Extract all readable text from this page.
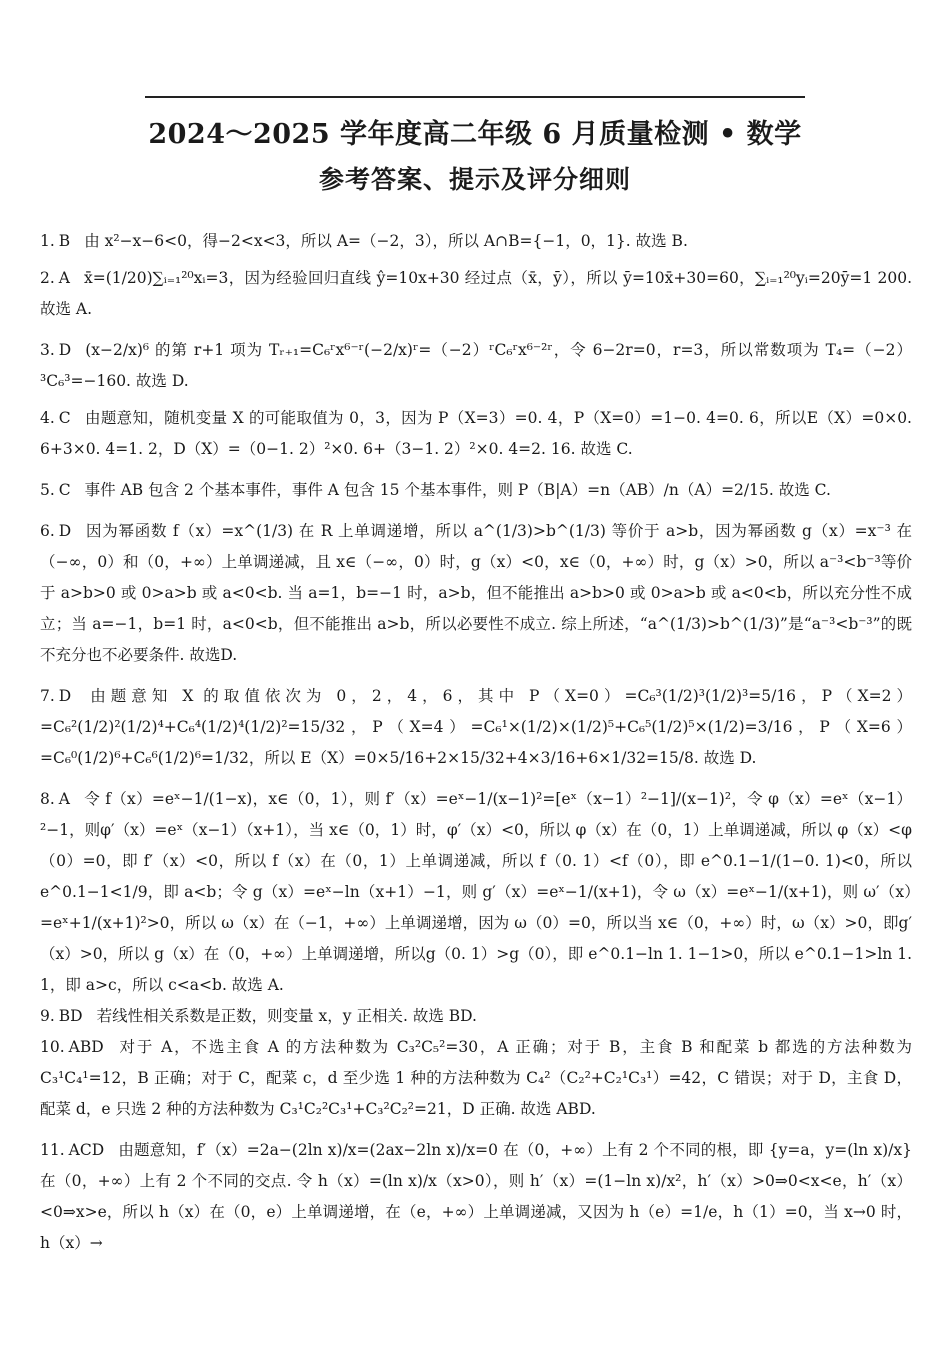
2024～2025 学年度高二年级 6 月质量检测 • 数学
参考答案、提示及评分细则

1. B 由 x²−x−6<0，得−2<x<3，所以 A=（−2，3），所以 A∩B={−1，0，1}. 故选 B.

2. A x̄=(1/20)∑ᵢ₌₁²⁰xᵢ=3，因为经验回归直线 ŷ=10x+30 经过点（x̄，ȳ），所以 ȳ=10x̄+30=60，∑ᵢ₌₁²⁰yᵢ=20ȳ=1 200. 故选 A.

3. D (x−2/x)⁶ 的第 r+1 项为 Tᵣ₊₁=C₆ʳx⁶⁻ʳ(−2/x)ʳ=（−2）ʳC₆ʳx⁶⁻²ʳ，令 6−2r=0，r=3，所以常数项为 T₄=（−2）³C₆³=−160. 故选 D.

4. C 由题意知，随机变量 X 的可能取值为 0，3，因为 P（X=3）=0. 4，P（X=0）=1−0. 4=0. 6，所以E（X）=0×0. 6+3×0. 4=1. 2，D（X）=（0−1. 2）²×0. 6+（3−1. 2）²×0. 4=2. 16. 故选 C.

5. C 事件 AB 包含 2 个基本事件，事件 A 包含 15 个基本事件，则 P（B|A）=n（AB）/n（A）=2/15. 故选 C.

6. D 因为幂函数 f（x）=x^(1/3) 在 R 上单调递增，所以 a^(1/3)>b^(1/3) 等价于 a>b，因为幂函数 g（x）=x⁻³ 在（−∞，0）和（0，+∞）上单调递减，且 x∈（−∞，0）时，g（x）<0，x∈（0，+∞）时，g（x）>0，所以 a⁻³<b⁻³等价于 a>b>0 或 0>a>b 或 a<0<b. 当 a=1，b=−1 时，a>b，但不能推出 a>b>0 或 0>a>b 或 a<0<b，所以充分性不成立；当 a=−1，b=1 时，a<0<b，但不能推出 a>b，所以必要性不成立. 综上所述，“a^(1/3)>b^(1/3)”是“a⁻³<b⁻³”的既不充分也不必要条件. 故选D.

7. D 由题意知 X 的取值依次为 0，2，4，6，其中 P（X=0）=C₆³(1/2)³(1/2)³=5/16，P（X=2）=C₆²(1/2)²(1/2)⁴+C₆⁴(1/2)⁴(1/2)²=15/32，P（X=4）=C₆¹×(1/2)×(1/2)⁵+C₆⁵(1/2)⁵×(1/2)=3/16，P（X=6）=C₆⁰(1/2)⁶+C₆⁶(1/2)⁶=1/32，所以 E（X）=0×5/16+2×15/32+4×3/16+6×1/32=15/8. 故选 D.

8. A 令 f（x）=eˣ−1/(1−x)，x∈（0，1），则 f′（x）=eˣ−1/(x−1)²=[eˣ（x−1）²−1]/(x−1)²，令 φ（x）=eˣ（x−1）²−1，则φ′（x）=eˣ（x−1）（x+1），当 x∈（0，1）时，φ′（x）<0，所以 φ（x）在（0，1）上单调递减，所以 φ（x）<φ（0）=0，即 f′（x）<0，所以 f（x）在（0，1）上单调递减，所以 f（0. 1）<f（0），即 e^0.1−1/(1−0. 1)<0，所以 e^0.1−1<1/9，即 a<b；令 g（x）=eˣ−ln（x+1）−1，则 g′（x）=eˣ−1/(x+1)，令 ω（x）=eˣ−1/(x+1)，则 ω′（x）=eˣ+1/(x+1)²>0，所以 ω（x）在（−1，+∞）上单调递增，因为 ω（0）=0，所以当 x∈（0，+∞）时，ω（x）>0，即g′（x）>0，所以 g（x）在（0，+∞）上单调递增，所以g（0. 1）>g（0），即 e^0.1−ln 1. 1−1>0，所以 e^0.1−1>ln 1. 1，即 a>c，所以 c<a<b. 故选 A.

9. BD 若线性相关系数是正数，则变量 x，y 正相关. 故选 BD.

10. ABD 对于 A，不选主食 A 的方法种数为 C₃²C₅²=30，A 正确；对于 B，主食 B 和配菜 b 都选的方法种数为 C₃¹C₄¹=12，B 正确；对于 C，配菜 c，d 至少选 1 种的方法种数为 C₄²（C₂²+C₂¹C₃¹）=42，C 错误；对于 D，主食 D，配菜 d，e 只选 2 种的方法种数为 C₃¹C₂²C₃¹+C₃²C₂²=21，D 正确. 故选 ABD.

11. ACD 由题意知，f′（x）=2a−(2ln x)/x=(2ax−2ln x)/x=0 在（0，+∞）上有 2 个不同的根，即 {y=a，y=(ln x)/x} 在（0，+∞）上有 2 个不同的交点. 令 h（x）=(ln x)/x（x>0），则 h′（x）=(1−ln x)/x²，h′（x）>0⇒0<x<e，h′（x）<0⇒x>e，所以 h（x）在（0，e）上单调递增，在（e，+∞）上单调递减，又因为 h（e）=1/e，h（1）=0，当 x→0 时，h（x）→
